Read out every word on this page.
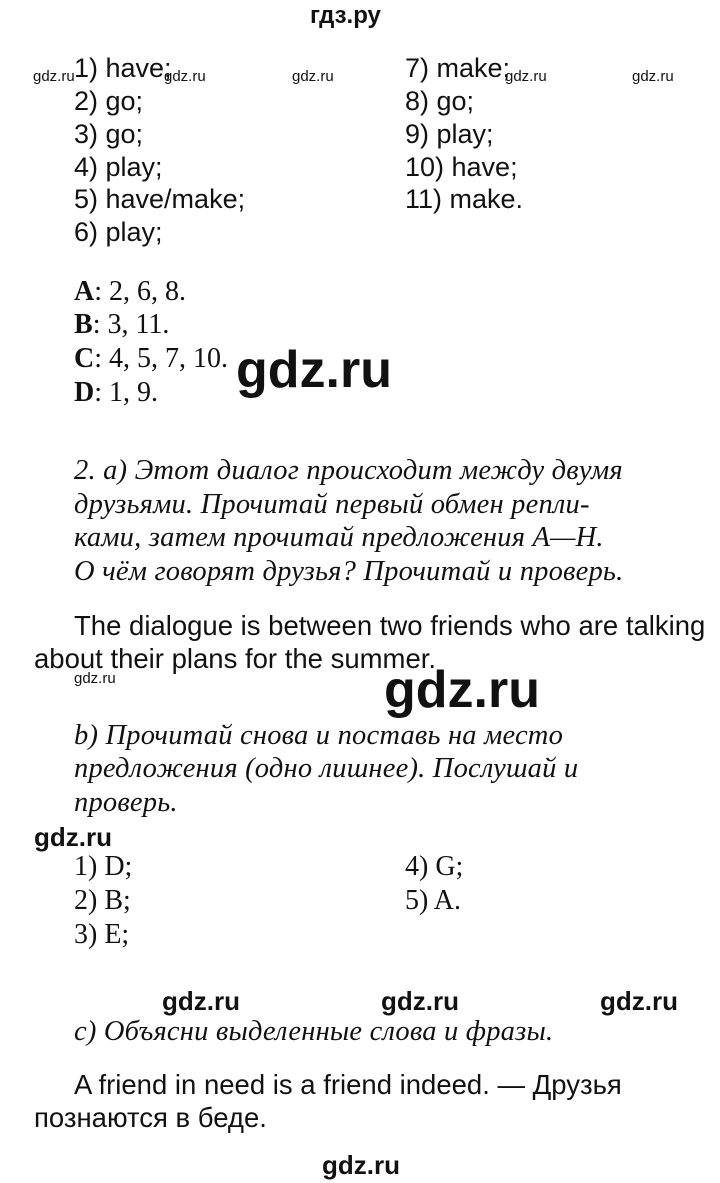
гдз.ру
1) have;
2) go;
3) go;
4) play;
5) have/make;
6) play;
7) make;
8) go;
9) play;
10) have;
11) make.
A: 2, 6, 8.
B: 3, 11.
C: 4, 5, 7, 10.
D: 1, 9.
2. a) Этот диалог происходит между двумя
друзьями. Прочитай первый обмен репли-
ками, затем прочитай предложения A—H.
О чём говорят друзья? Прочитай и проверь.
The dialogue is between two friends who are talking
about their plans for the summer.
b) Прочитай снова и поставь на место
предложения (одно лишнее). Послушай и
проверь.
1) D;
2) B;
3) E;
4) G;
5) A.
c) Объясни выделенные слова и фразы.
A friend in need is a friend indeed. — Друзья
познаются в беде.
gdz.ru	gdz.ru	gdz.ru	gdz.ru	gdz.ru
gdz.ru
gdz.ru	gdz.ru
gdz.ru
gdz.ru	gdz.ru	gdz.ru
gdz.ru
